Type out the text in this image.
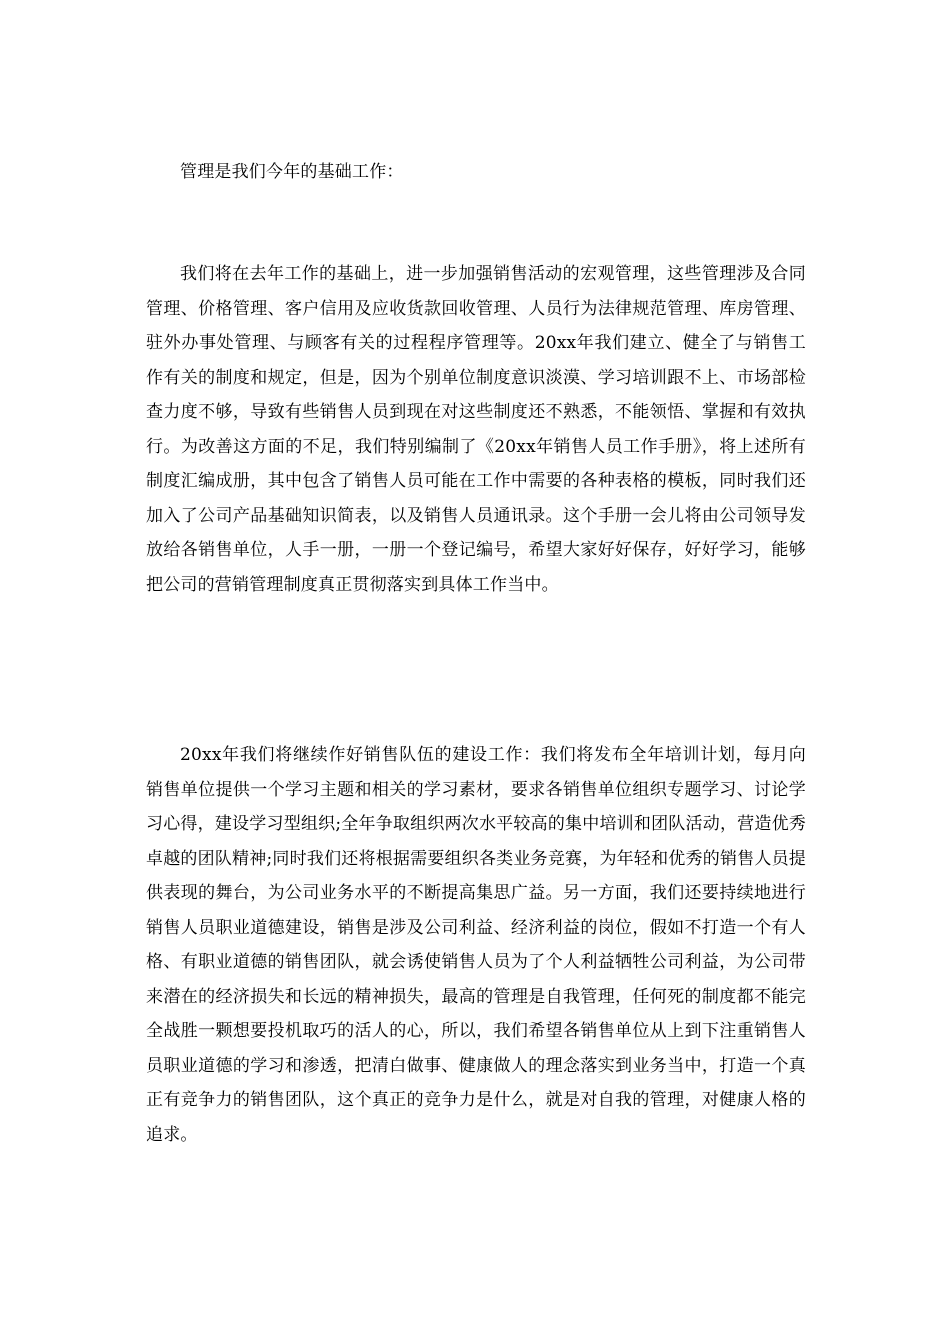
管理是我们今年的基础工作：

我们将在去年工作的基础上，进一步加强销售活动的宏观管理，这些管理涉及合同管理、价格管理、客户信用及应收货款回收管理、人员行为法律规范管理、库房管理、驻外办事处管理、与顾客有关的过程程序管理等。20xx年我们建立、健全了与销售工作有关的制度和规定，但是，因为个别单位制度意识淡漠、学习培训跟不上、市场部检查力度不够，导致有些销售人员到现在对这些制度还不熟悉，不能领悟、掌握和有效执行。为改善这方面的不足，我们特别编制了《20xx年销售人员工作手册》，将上述所有制度汇编成册，其中包含了销售人员可能在工作中需要的各种表格的模板，同时我们还加入了公司产品基础知识简表，以及销售人员通讯录。这个手册一会儿将由公司领导发放给各销售单位，人手一册，一册一个登记编号，希望大家好好保存，好好学习，能够把公司的营销管理制度真正贯彻落实到具体工作当中。

20xx年我们将继续作好销售队伍的建设工作：我们将发布全年培训计划，每月向销售单位提供一个学习主题和相关的学习素材，要求各销售单位组织专题学习、讨论学习心得，建设学习型组织;全年争取组织两次水平较高的集中培训和团队活动，营造优秀卓越的团队精神;同时我们还将根据需要组织各类业务竞赛，为年轻和优秀的销售人员提供表现的舞台，为公司业务水平的不断提高集思广益。另一方面，我们还要持续地进行销售人员职业道德建设，销售是涉及公司利益、经济利益的岗位，假如不打造一个有人格、有职业道德的销售团队，就会诱使销售人员为了个人利益牺牲公司利益，为公司带来潜在的经济损失和长远的精神损失，最高的管理是自我管理，任何死的制度都不能完全战胜一颗想要投机取巧的活人的心，所以，我们希望各销售单位从上到下注重销售人员职业道德的学习和渗透，把清白做事、健康做人的理念落实到业务当中，打造一个真正有竞争力的销售团队，这个真正的竞争力是什么，就是对自我的管理，对健康人格的追求。
